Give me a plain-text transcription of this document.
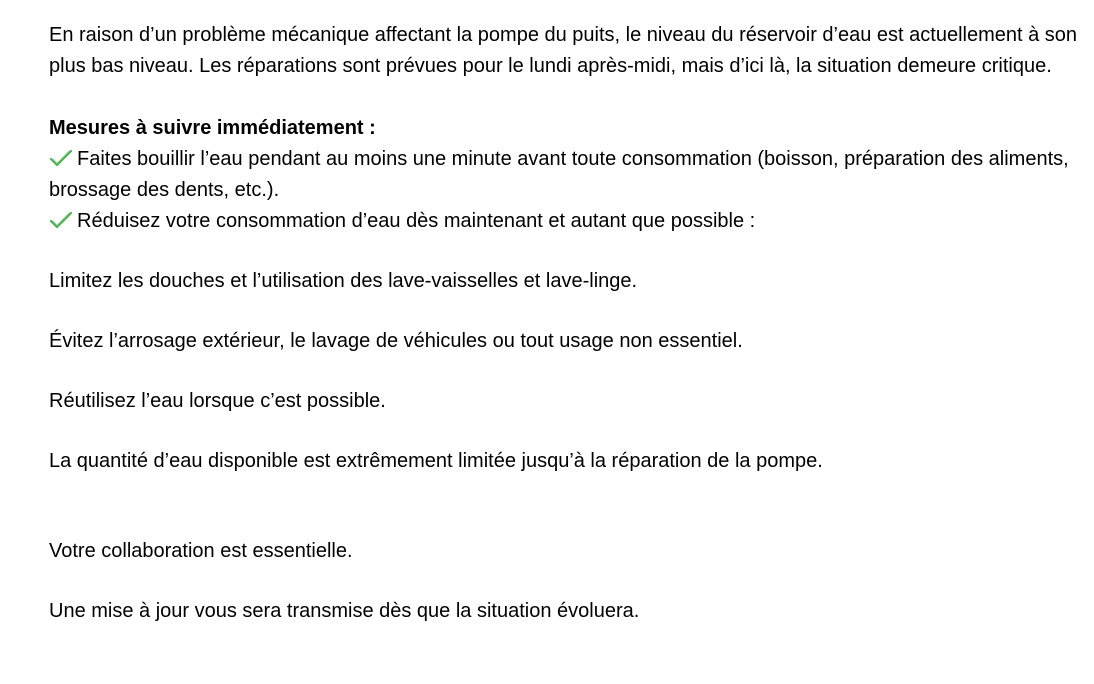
En raison d’un problème mécanique affectant la pompe du puits, le niveau du réservoir d’eau est actuellement à son plus bas niveau. Les réparations sont prévues pour le lundi après-midi, mais d’ici là, la situation demeure critique.

Mesures à suivre immédiatement :

Faites bouillir l’eau pendant au moins une minute avant toute consommation (boisson, préparation des aliments, brossage des dents, etc.).

Réduisez votre consommation d’eau dès maintenant et autant que possible :

Limitez les douches et l’utilisation des lave-vaisselles et lave-linge.

Évitez l’arrosage extérieur, le lavage de véhicules ou tout usage non essentiel.

Réutilisez l’eau lorsque c’est possible.

La quantité d’eau disponible est extrêmement limitée jusqu’à la réparation de la pompe.

Votre collaboration est essentielle.

Une mise à jour vous sera transmise dès que la situation évoluera.
